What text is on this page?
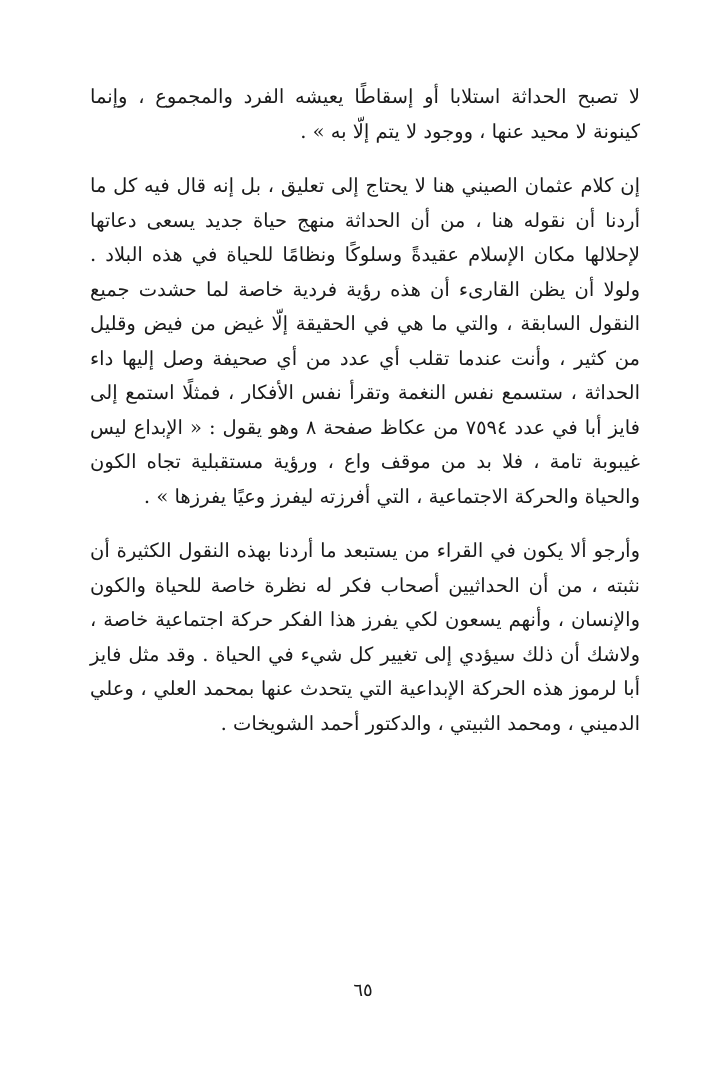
لا تصبح الحداثة استلابا أو إسقاطًا يعيشه الفرد والمجموع ، وإنما كينونة لا محيد عنها ، ووجود لا يتم إلّا به » .

إن كلام عثمان الصيني هنا لا يحتاج إلى تعليق ، بل إنه قال فيه كل ما أردنا أن نقوله هنا ، من أن الحداثة منهج حياة جديد يسعى دعاتها لإحلالها مكان الإسلام عقيدةً وسلوكًا ونظامًا للحياة في هذه البلاد . ولولا أن يظن القارىء أن هذه رؤية فردية خاصة لما حشدت جميع النقول السابقة ، والتي ما هي في الحقيقة إلّا غيض من فيض وقليل من كثير ، وأنت عندما تقلب أي عدد من أي صحيفة وصل إليها داء الحداثة ، ستسمع نفس النغمة وتقرأ نفس الأفكار ، فمثلًا استمع إلى فايز أبا في عدد ٧٥٩٤ من عكاظ صفحة ٨ وهو يقول : « الإبداع ليس غيبوبة تامة ، فلا بد من موقف واع ، ورؤية مستقبلية تجاه الكون والحياة والحركة الاجتماعية ، التي أفرزته ليفرز وعيًا يفرزها » .

وأرجو ألا يكون في القراء من يستبعد ما أردنا بهذه النقول الكثيرة أن نثبته ، من أن الحداثيين أصحاب فكر له نظرة خاصة للحياة والكون والإنسان ، وأنهم يسعون لكي يفرز هذا الفكر حركة اجتماعية خاصة ، ولاشك أن ذلك سيؤدي إلى تغيير كل شيء في الحياة . وقد مثل فايز أبا لرموز هذه الحركة الإبداعية التي يتحدث عنها بمحمد العلي ، وعلي الدميني ، ومحمد الثبيتي ، والدكتور أحمد الشويخات .

٦٥
